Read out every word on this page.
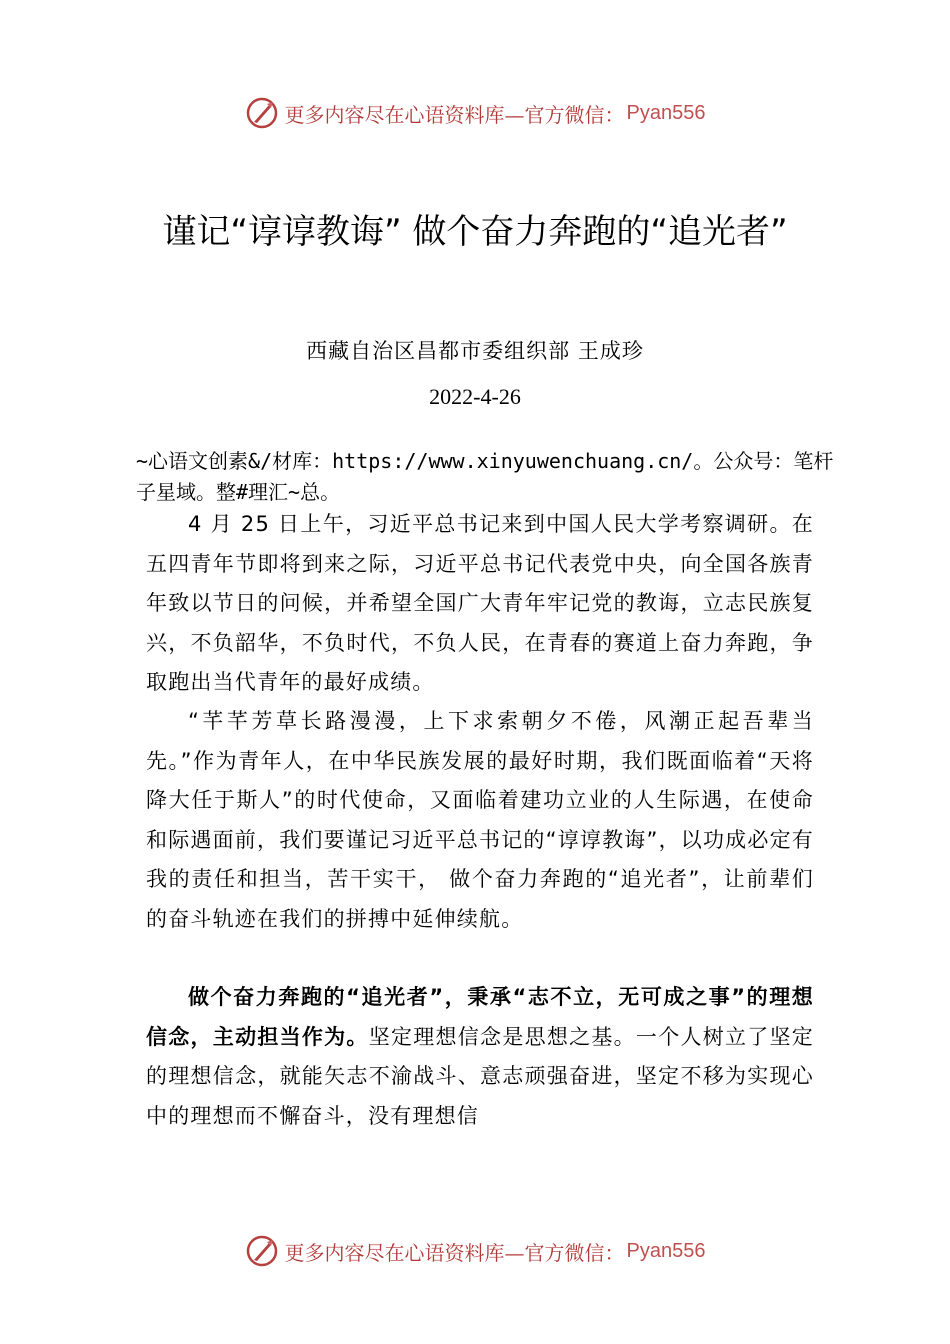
更多内容尽在心语资料库—官方微信： Pyan556
谨记“谆谆教诲” 做个奋力奔跑的“追光者”
西藏自治区昌都市委组织部 王成珍
2022-4-26
~心语文创素&/材库：https://www.xinyuwenchuang.cn/。公众号：笔杆子星域。整#理汇~总。
4 月 25 日上午，习近平总书记来到中国人民大学考察调研。在五四青年节即将到来之际，习近平总书记代表党中央，向全国各族青年致以节日的问候，并希望全国广大青年牢记党的教诲，立志民族复兴，不负韶华，不负时代，不负人民，在青春的赛道上奋力奔跑，争取跑出当代青年的最好成绩。
“芊芊芳草长路漫漫，上下求索朝夕不倦，风潮正起吾辈当先。”作为青年人，在中华民族发展的最好时期，我们既面临着“天将降大任于斯人”的时代使命，又面临着建功立业的人生际遇，在使命和际遇面前，我们要谨记习近平总书记的“谆谆教诲”，以功成必定有我的责任和担当，苦干实干， 做个奋力奔跑的“追光者”，让前辈们的奋斗轨迹在我们的拼搏中延伸续航。
做个奋力奔跑的“追光者”，秉承“志不立，无可成之事”的理想信念，主动担当作为。坚定理想信念是思想之基。一个人树立了坚定的理想信念，就能矢志不渝战斗、意志顽强奋进，坚定不移为实现心中的理想而不懈奋斗，没有理想信
更多内容尽在心语资料库—官方微信： Pyan556
